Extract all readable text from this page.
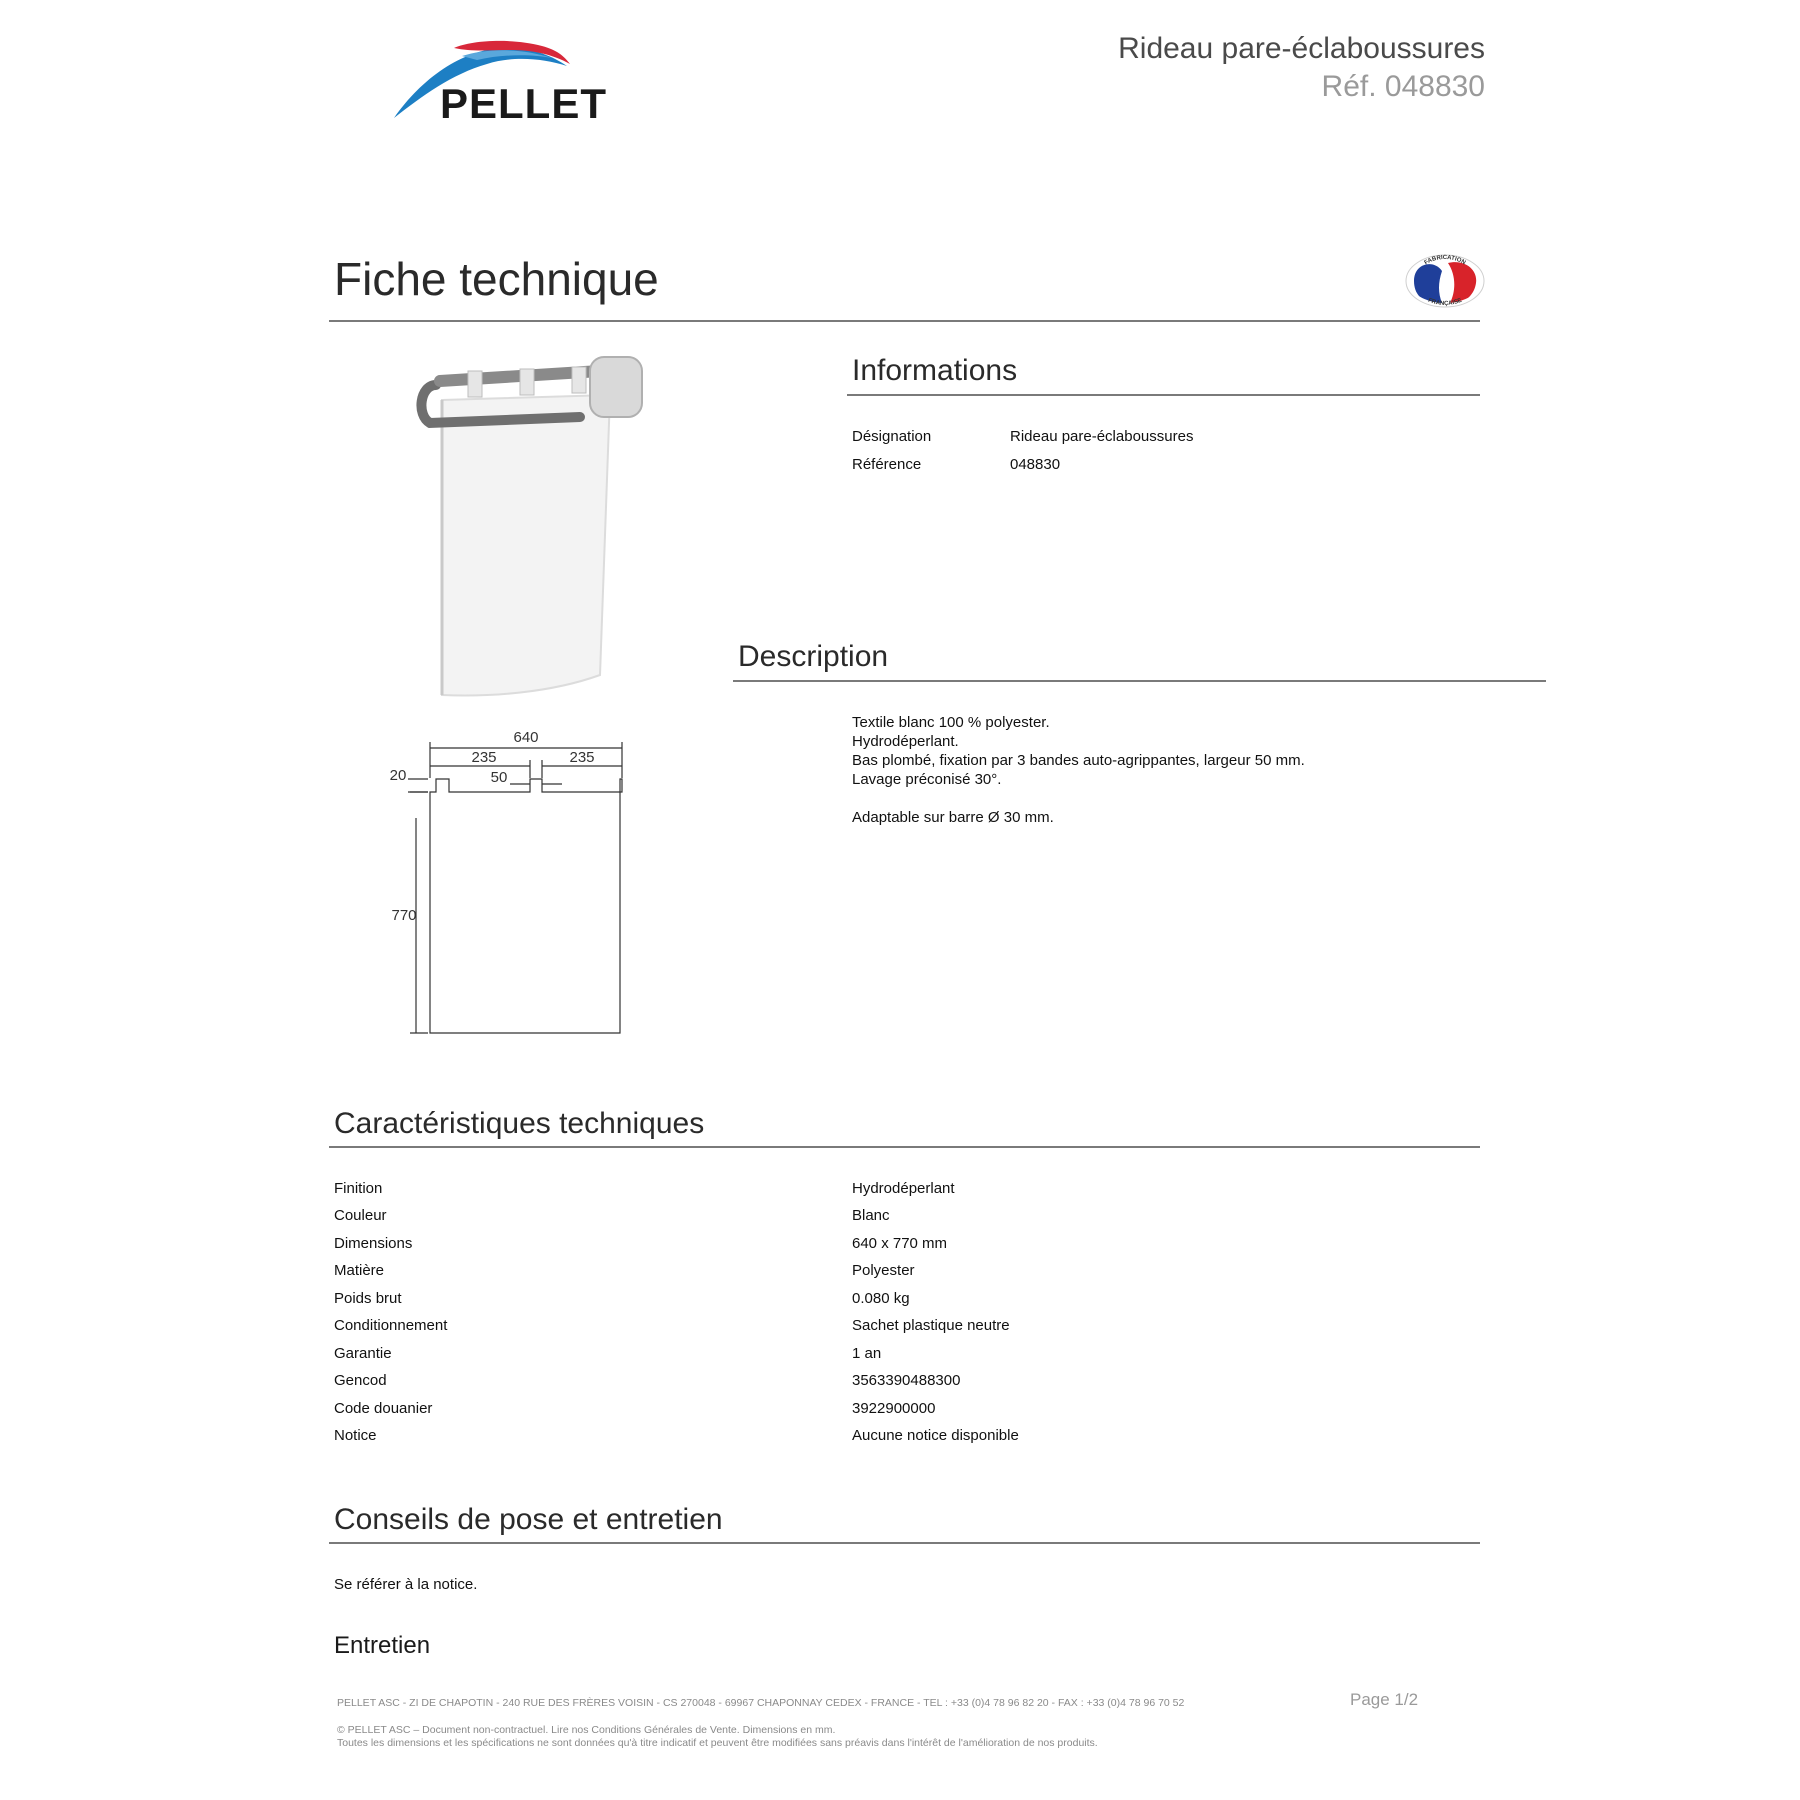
PELLET
Rideau pare-éclaboussures
Réf. 048830
Fiche technique	FABRICATION
FRANÇAISE
640
235	235
50
20
770
Informations
Désignation	Rideau pare-éclaboussures
Référence	048830
Description
Textile blanc 100 % polyester.
Hydrodéperlant.
Bas plombé, fixation par 3 bandes auto-agrippantes, largeur 50 mm.
Lavage préconisé 30°.
Adaptable sur barre Ø 30 mm.
Caractéristiques techniques
Finition	Hydrodéperlant
Couleur	Blanc
Dimensions	640 x 770 mm
Matière	Polyester
Poids brut	0.080 kg
Conditionnement	Sachet plastique neutre
Garantie	1 an
Gencod	3563390488300
Code douanier	3922900000
Notice	Aucune notice disponible
Conseils de pose et entretien
Se référer à la notice.
Entretien
PELLET ASC - ZI DE CHAPOTIN - 240 RUE DES FRÈRES VOISIN - CS 270048 - 69967 CHAPONNAY CEDEX - FRANCE - TEL : +33 (0)4 78 96 82 20 - FAX : +33 (0)4 78 96 70 52	Page 1/2
© PELLET ASC – Document non-contractuel. Lire nos Conditions Générales de Vente. Dimensions en mm.
Toutes les dimensions et les spécifications ne sont données qu'à titre indicatif et peuvent être modifiées sans préavis dans l'intérêt de l'amélioration de nos produits.
